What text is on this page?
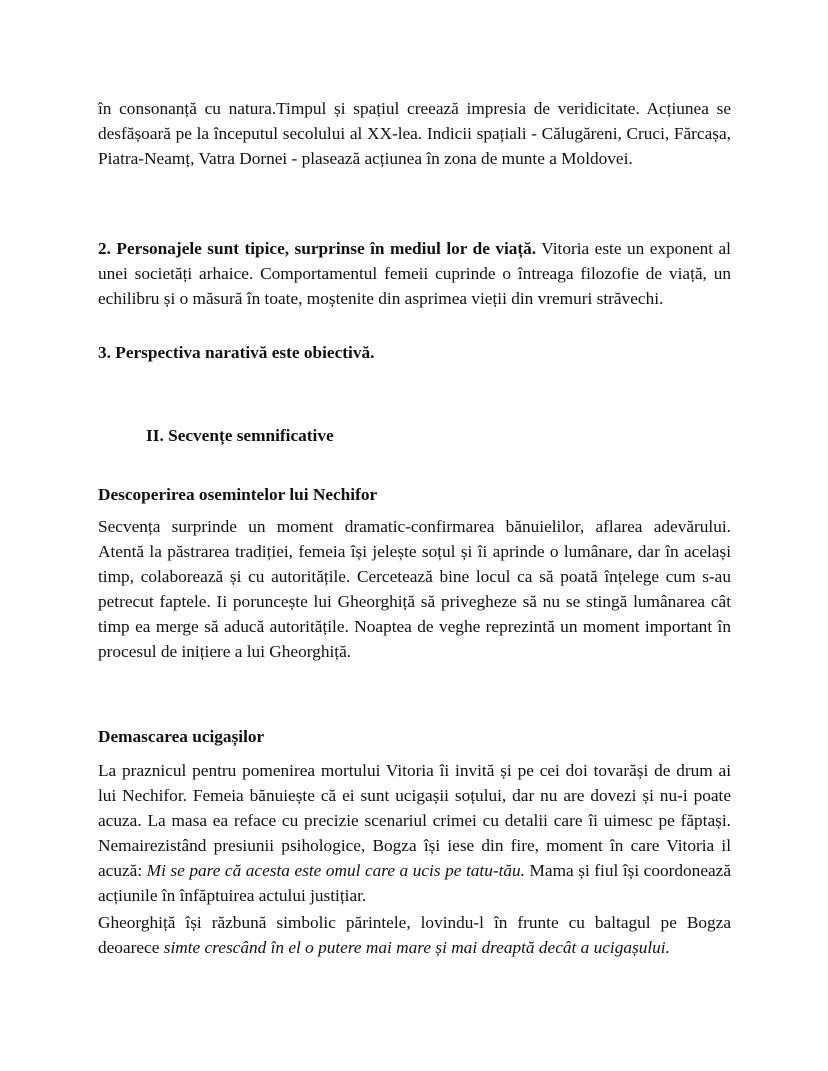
în consonanță cu natura.Timpul și spațiul creează impresia de veridicitate. Acțiunea se desfășoară pe la începutul secolului al XX-lea. Indicii spațiali - Călugăreni, Cruci, Fărcașa, Piatra-Neamț, Vatra Dornei - plasează acțiunea în zona de munte a Moldovei.

2. Personajele sunt tipice, surprinse în mediul lor de viață. Vitoria este un exponent al unei societăți arhaice. Comportamentul femeii cuprinde o întreaga filozofie de viață, un echilibru și o măsură în toate, moștenite din asprimea vieții din vremuri străvechi.

3. Perspectiva narativă este obiectivă.

II. Secvențe semnificative
Descoperirea osemintelor lui Nechifor

Secvența surprinde un moment dramatic-confirmarea bănuielilor, aflarea adevărului. Atentă la păstrarea tradiției, femeia își jelește soțul și îi aprinde o lumânare, dar în același timp, colaborează și cu autoritățile. Cercetează bine locul ca să poată înțelege cum s-au petrecut faptele. Ii poruncește lui Gheorghiță să privegheze să nu se stingă lumânarea cât timp ea merge să aducă autoritățile. Noaptea de veghe reprezintă un moment important în procesul de inițiere a lui Gheorghiță.

Demascarea ucigașilor

La praznicul pentru pomenirea mortului Vitoria îi invită și pe cei doi tovarăși de drum ai lui Nechifor. Femeia bănuiește că ei sunt ucigașii soțului, dar nu are dovezi și nu-i poate acuza. La masa ea reface cu precizie scenariul crimei cu detalii care îi uimesc pe făptași. Nemairezistând presiunii psihologice, Bogza își iese din fire, moment în care Vitoria il acuză: Mi se pare că acesta este omul care a ucis pe tatu-tău. Mama și fiul își coordonează acțiunile în înfăptuirea actului justițiar.

Gheorghiță își răzbună simbolic părintele, lovindu-l în frunte cu baltagul pe Bogza deoarece simte crescând în el o putere mai mare și mai dreaptă decât a ucigașului.
